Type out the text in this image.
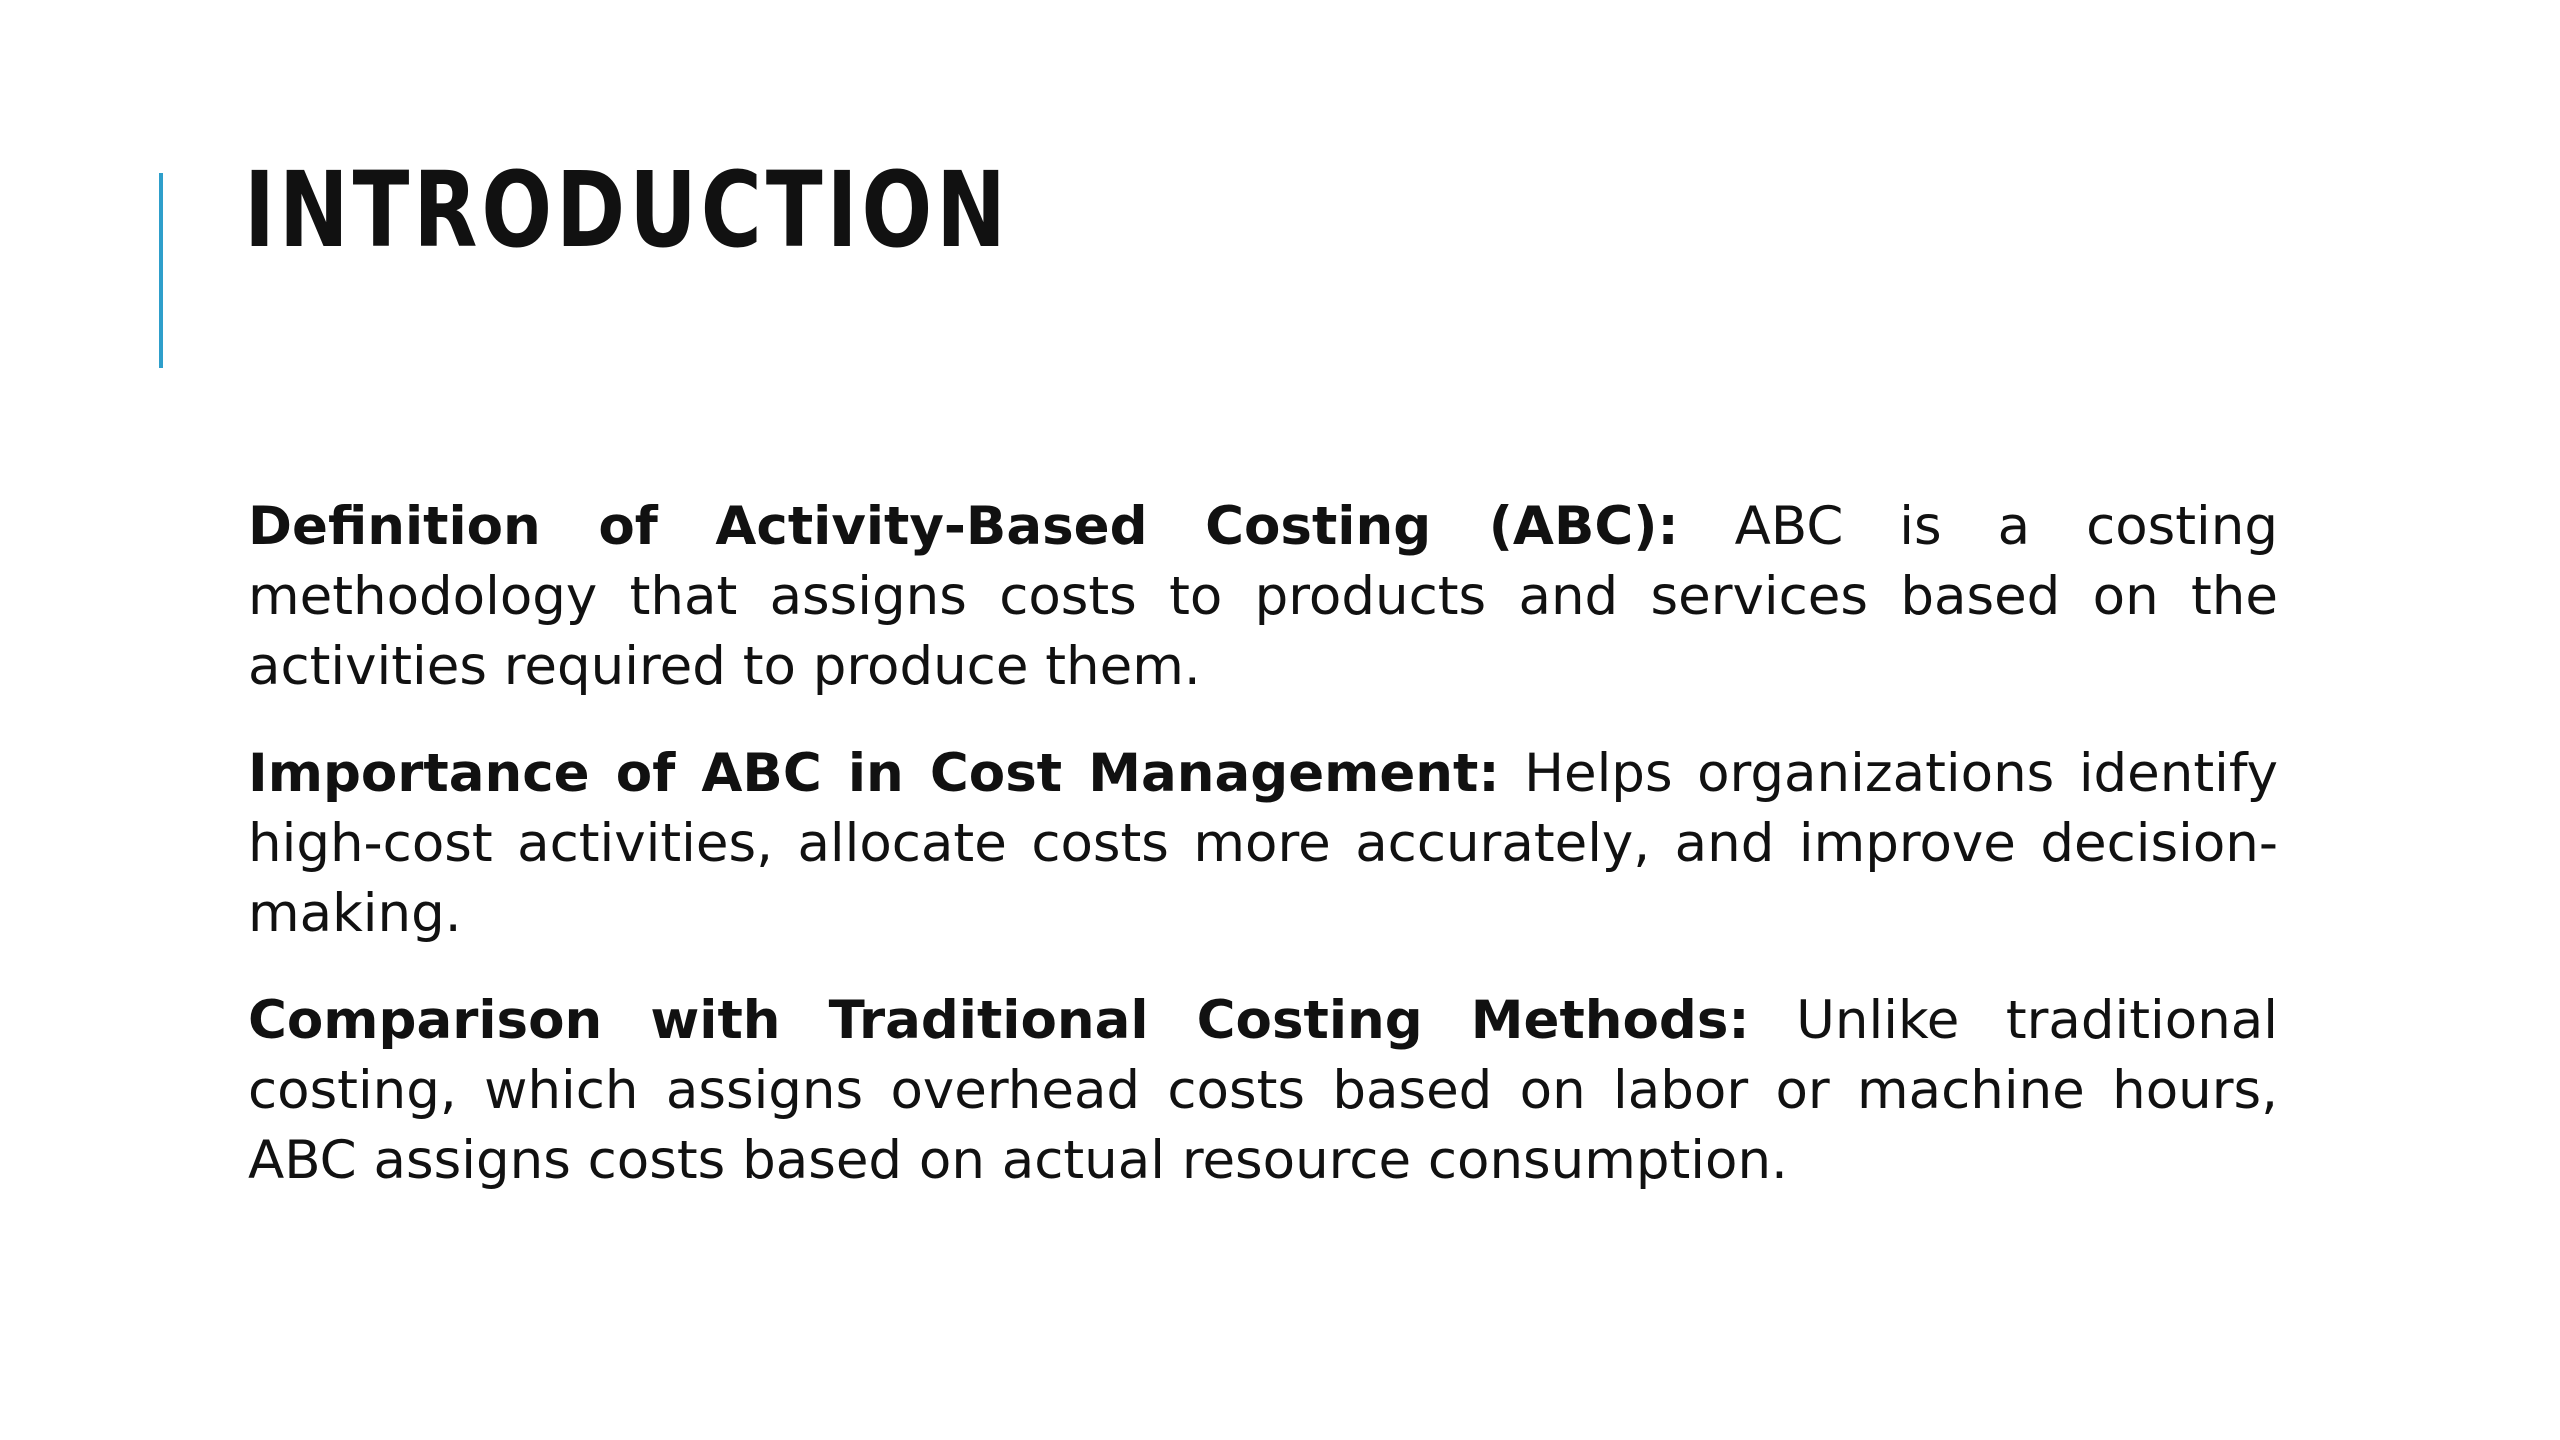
INTRODUCTION

Definition of Activity-Based Costing (ABC): ABC is a costing methodology that assigns costs to products and services based on the activities required to produce them.

Importance of ABC in Cost Management: Helps organizations identify high-cost activities, allocate costs more accurately, and improve decision-making.

Comparison with Traditional Costing Methods: Unlike traditional costing, which assigns overhead costs based on labor or machine hours, ABC assigns costs based on actual resource consumption.
